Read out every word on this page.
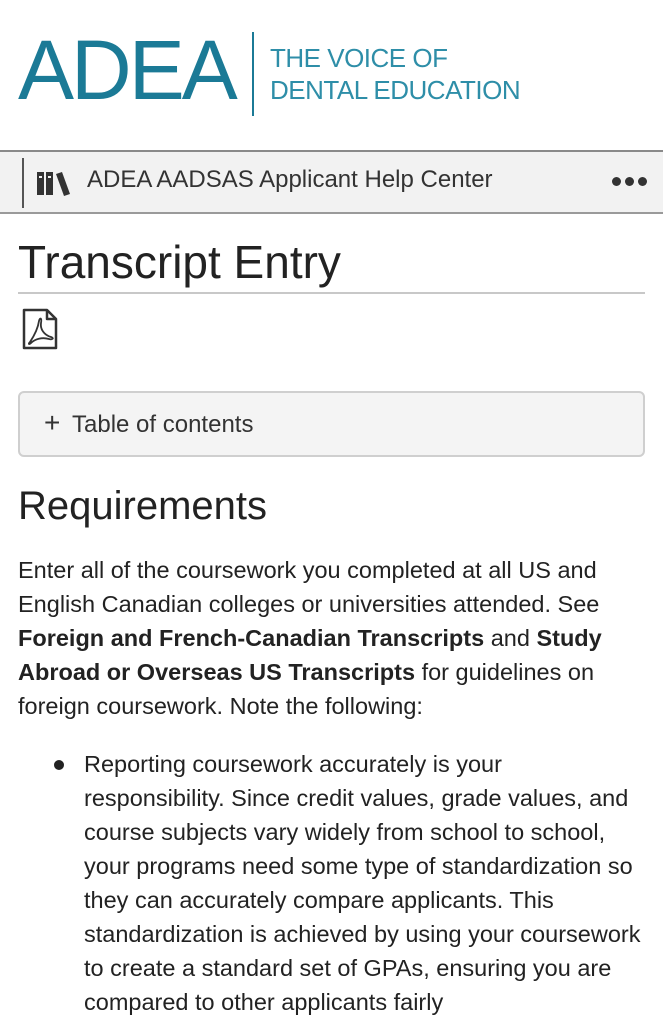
ADEA THE VOICE OF
DENTAL EDUCATION
ADEA AADSAS Applicant Help Center
Transcript Entry
+ Table of contents
Requirements

Enter all of the coursework you completed at all US and English Canadian colleges or universities attended. See Foreign and French-Canadian Transcripts and Study Abroad or Overseas US Transcripts for guidelines on foreign coursework. Note the following:

Reporting coursework accurately is your responsibility. Since credit values, grade values, and course subjects vary widely from school to school, your programs need some type of standardization so they can accurately compare applicants. This standardization is achieved by using your coursework to create a standard set of GPAs, ensuring you are compared to other applicants fairly
